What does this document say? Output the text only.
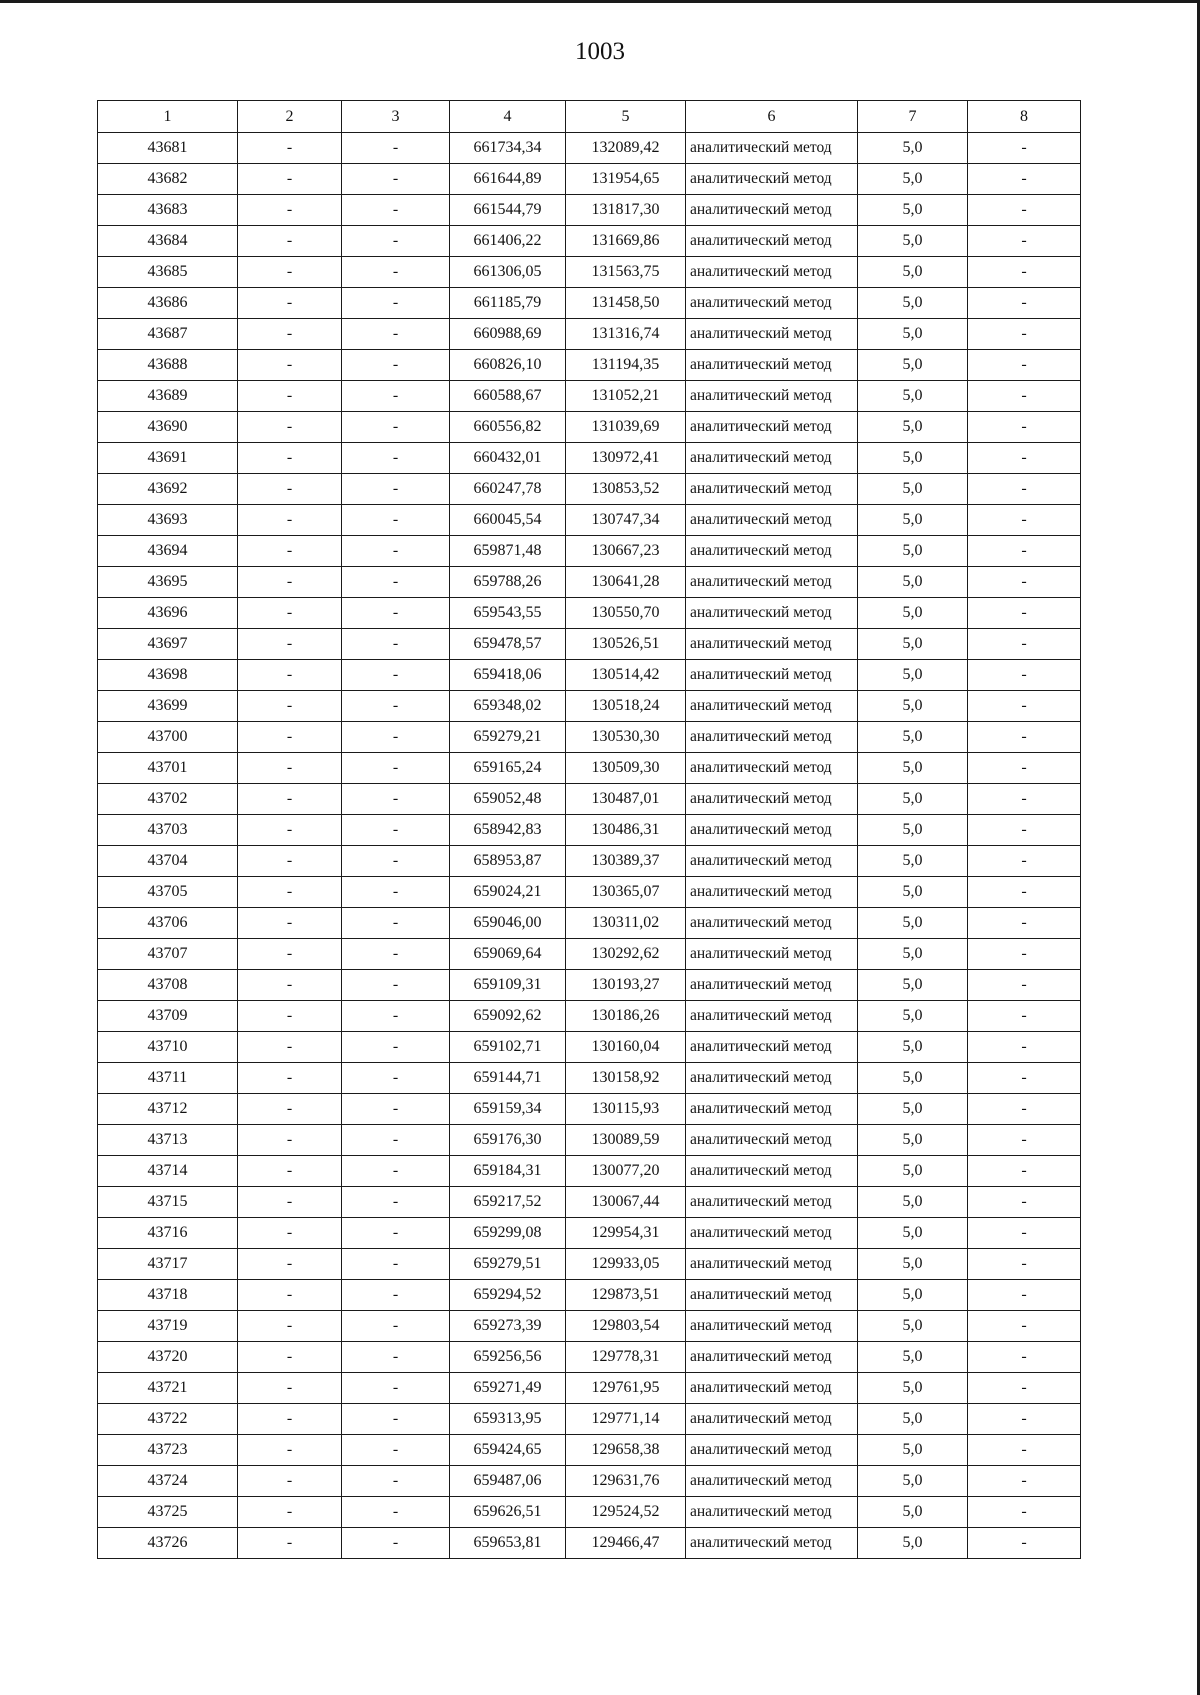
1003
1	2	3	4	5	6	7	8
43681	-	-	661734,34	132089,42	аналитический метод	5,0	-
43682	-	-	661644,89	131954,65	аналитический метод	5,0	-
43683	-	-	661544,79	131817,30	аналитический метод	5,0	-
43684	-	-	661406,22	131669,86	аналитический метод	5,0	-
43685	-	-	661306,05	131563,75	аналитический метод	5,0	-
43686	-	-	661185,79	131458,50	аналитический метод	5,0	-
43687	-	-	660988,69	131316,74	аналитический метод	5,0	-
43688	-	-	660826,10	131194,35	аналитический метод	5,0	-
43689	-	-	660588,67	131052,21	аналитический метод	5,0	-
43690	-	-	660556,82	131039,69	аналитический метод	5,0	-
43691	-	-	660432,01	130972,41	аналитический метод	5,0	-
43692	-	-	660247,78	130853,52	аналитический метод	5,0	-
43693	-	-	660045,54	130747,34	аналитический метод	5,0	-
43694	-	-	659871,48	130667,23	аналитический метод	5,0	-
43695	-	-	659788,26	130641,28	аналитический метод	5,0	-
43696	-	-	659543,55	130550,70	аналитический метод	5,0	-
43697	-	-	659478,57	130526,51	аналитический метод	5,0	-
43698	-	-	659418,06	130514,42	аналитический метод	5,0	-
43699	-	-	659348,02	130518,24	аналитический метод	5,0	-
43700	-	-	659279,21	130530,30	аналитический метод	5,0	-
43701	-	-	659165,24	130509,30	аналитический метод	5,0	-
43702	-	-	659052,48	130487,01	аналитический метод	5,0	-
43703	-	-	658942,83	130486,31	аналитический метод	5,0	-
43704	-	-	658953,87	130389,37	аналитический метод	5,0	-
43705	-	-	659024,21	130365,07	аналитический метод	5,0	-
43706	-	-	659046,00	130311,02	аналитический метод	5,0	-
43707	-	-	659069,64	130292,62	аналитический метод	5,0	-
43708	-	-	659109,31	130193,27	аналитический метод	5,0	-
43709	-	-	659092,62	130186,26	аналитический метод	5,0	-
43710	-	-	659102,71	130160,04	аналитический метод	5,0	-
43711	-	-	659144,71	130158,92	аналитический метод	5,0	-
43712	-	-	659159,34	130115,93	аналитический метод	5,0	-
43713	-	-	659176,30	130089,59	аналитический метод	5,0	-
43714	-	-	659184,31	130077,20	аналитический метод	5,0	-
43715	-	-	659217,52	130067,44	аналитический метод	5,0	-
43716	-	-	659299,08	129954,31	аналитический метод	5,0	-
43717	-	-	659279,51	129933,05	аналитический метод	5,0	-
43718	-	-	659294,52	129873,51	аналитический метод	5,0	-
43719	-	-	659273,39	129803,54	аналитический метод	5,0	-
43720	-	-	659256,56	129778,31	аналитический метод	5,0	-
43721	-	-	659271,49	129761,95	аналитический метод	5,0	-
43722	-	-	659313,95	129771,14	аналитический метод	5,0	-
43723	-	-	659424,65	129658,38	аналитический метод	5,0	-
43724	-	-	659487,06	129631,76	аналитический метод	5,0	-
43725	-	-	659626,51	129524,52	аналитический метод	5,0	-
43726	-	-	659653,81	129466,47	аналитический метод	5,0	-
